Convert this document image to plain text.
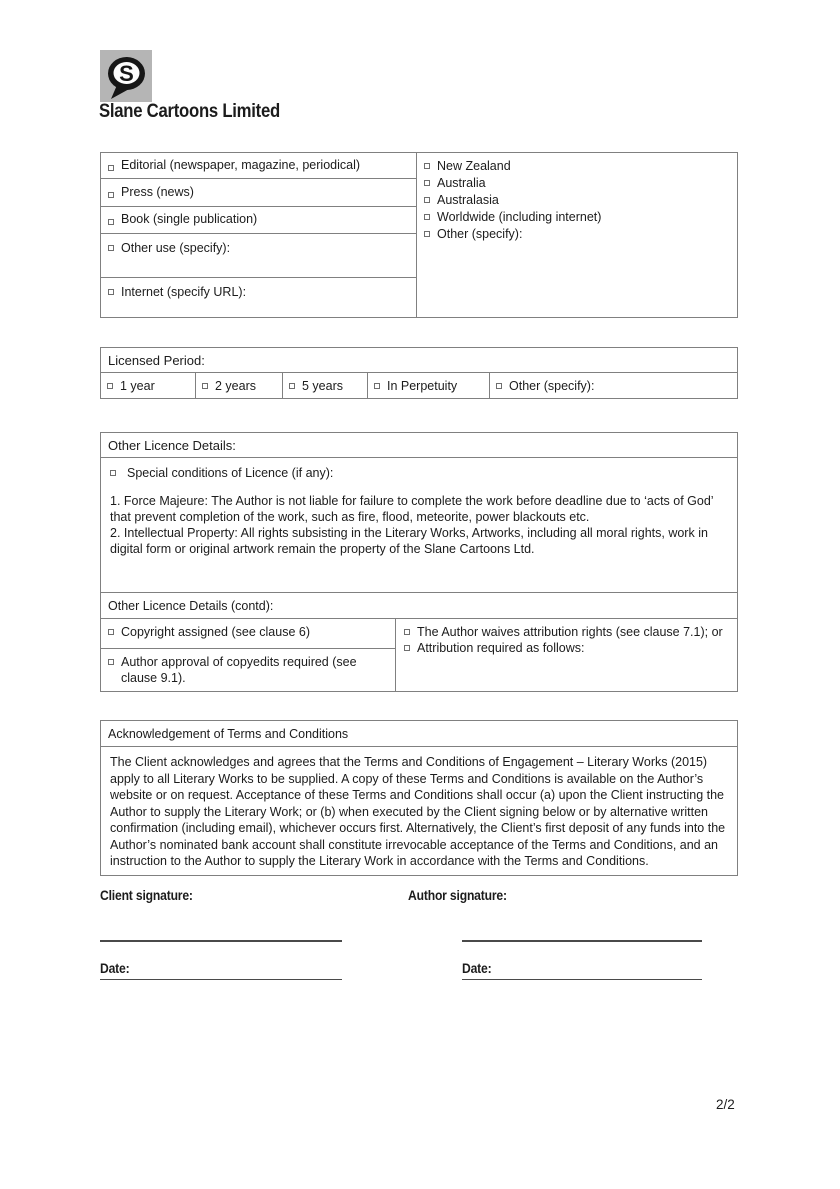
S
Slane Cartoons Limited
Editorial (newspaper, magazine, periodical)
Press (news)
Book (single publication)
Other use (specify):
Internet (specify URL):
New Zealand
Australia
Australasia
Worldwide (including internet)
Other (specify):
Licensed Period:
1 year	2 years	5 years	In Perpetuity	Other (specify):
Other Licence Details:
Special conditions of Licence (if any):
1. Force Majeure: The Author is not liable for failure to complete the work before deadline due to ‘acts of God’ that prevent completion of the work, such as fire, flood, meteorite, power blackouts etc.
2. Intellectual Property: All rights subsisting in the Literary Works, Artworks, including all moral rights, work in digital form or original artwork remain the property of the Slane Cartoons Ltd.
Other Licence Details (contd):
Copyright assigned (see clause 6)
Author approval of copyedits required (see clause 9.1).
The Author waives attribution rights (see clause 7.1); or
Attribution required as follows:
Acknowledgement of Terms and Conditions
The Client acknowledges and agrees that the Terms and Conditions of Engagement – Literary Works (2015) apply to all Literary Works to be supplied. A copy of these Terms and Conditions is available on the Author’s website or on request. Acceptance of these Terms and Conditions shall occur (a) upon the Client instructing the Author to supply the Literary Work; or (b) when executed by the Client signing below or by alternative written confirmation (including email), whichever occurs first. Alternatively, the Client’s first deposit of any funds into the Author’s nominated bank account shall constitute irrevocable acceptance of the Terms and Conditions, and an instruction to the Author to supply the Literary Work in accordance with the Terms and Conditions.
Client signature:	Author signature:
Date:	Date:
2/2
